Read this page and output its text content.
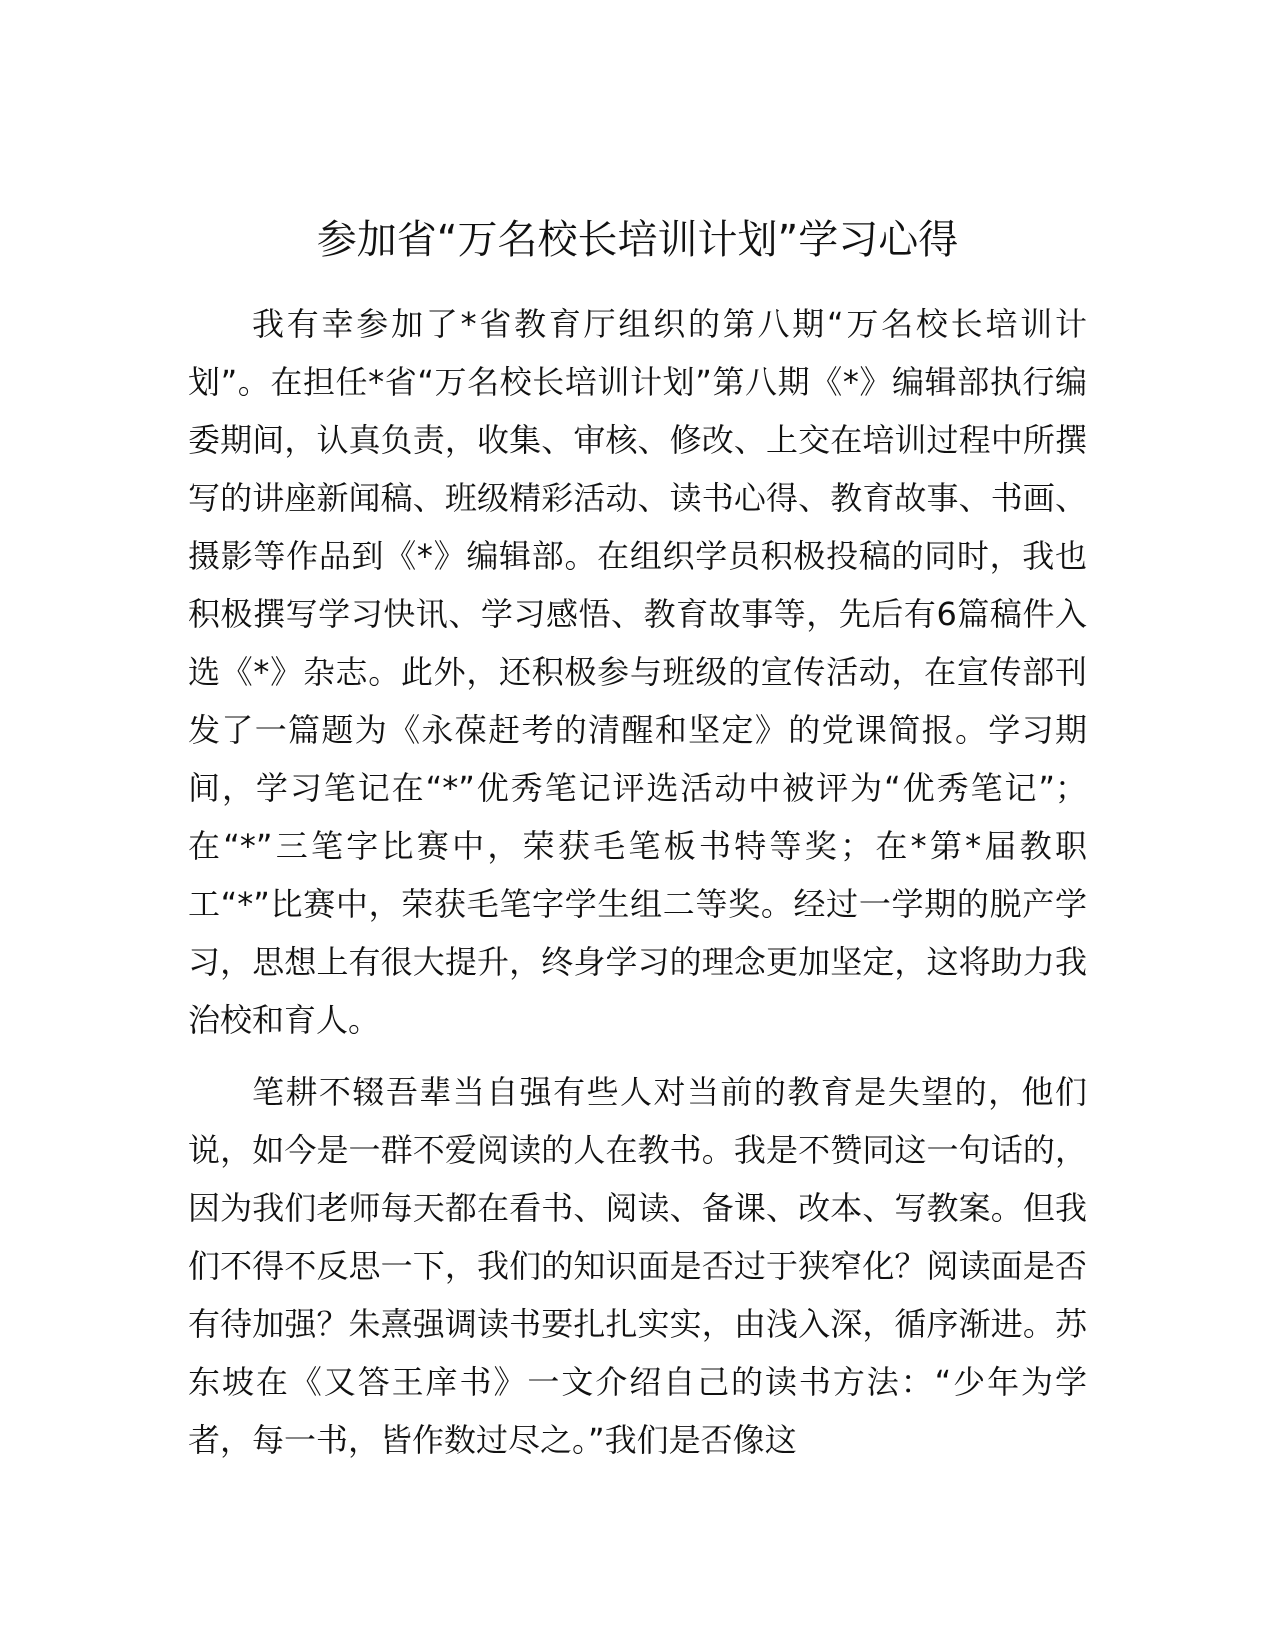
参加省“万名校长培训计划”学习心得

我有幸参加了*省教育厅组织的第八期“万名校长培训计划”。在担任*省“万名校长培训计划”第八期《*》编辑部执行编委期间，认真负责，收集、审核、修改、上交在培训过程中所撰写的讲座新闻稿、班级精彩活动、读书心得、教育故事、书画、摄影等作品到《*》编辑部。在组织学员积极投稿的同时，我也积极撰写学习快讯、学习感悟、教育故事等，先后有6篇稿件入选《*》杂志。此外，还积极参与班级的宣传活动，在宣传部刊发了一篇题为《永葆赶考的清醒和坚定》的党课简报。学习期间，学习笔记在“*”优秀笔记评选活动中被评为“优秀笔记”；在“*”三笔字比赛中，荣获毛笔板书特等奖；在*第*届教职工“*”比赛中，荣获毛笔字学生组二等奖。经过一学期的脱产学习，思想上有很大提升，终身学习的理念更加坚定，这将助力我治校和育人。

笔耕不辍吾辈当自强有些人对当前的教育是失望的，他们说，如今是一群不爱阅读的人在教书。我是不赞同这一句话的，因为我们老师每天都在看书、阅读、备课、改本、写教案。但我们不得不反思一下，我们的知识面是否过于狭窄化？阅读面是否有待加强？朱熹强调读书要扎扎实实，由浅入深，循序渐进。苏东坡在《又答王庠书》一文介绍自己的读书方法：“少年为学者，每一书，皆作数过尽之。”我们是否像这
